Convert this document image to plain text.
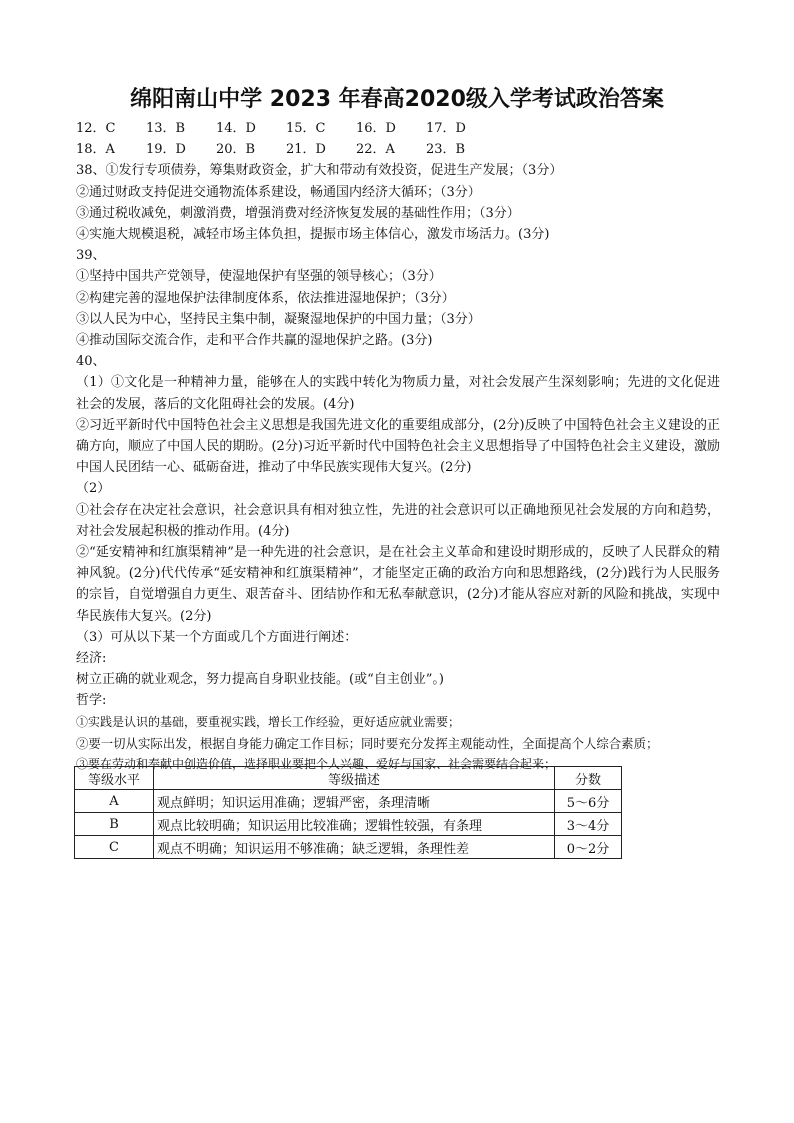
绵阳南山中学 2023 年春高2020级入学考试政治答案
12．C 13．B 14．D 15．C 16．D 17．D
18．A 19．D 20．B 21．D 22．A 23．B
38、①发行专项债券，筹集财政资金，扩大和带动有效投资，促进生产发展；（3分）
②通过财政支持促进交通物流体系建设，畅通国内经济大循环；（3分）
③通过税收减免，刺激消费，增强消费对经济恢复发展的基础性作用；（3分）
④实施大规模退税，减轻市场主体负担，提振市场主体信心，激发市场活力。(3分)
39、
①坚持中国共产党领导，使湿地保护有坚强的领导核心；（3分）
②构建完善的湿地保护法律制度体系，依法推进湿地保护；（3分）
③以人民为中心，坚持民主集中制，凝聚湿地保护的中国力量；（3分）
④推动国际交流合作，走和平合作共赢的湿地保护之路。(3分)
40、
（1）①文化是一种精神力量，能够在人的实践中转化为物质力量，对社会发展产生深刻影响；先进的文化促进社会的发展，落后的文化阻碍社会的发展。(4分)
②习近平新时代中国特色社会主义思想是我国先进文化的重要组成部分，(2分)反映了中国特色社会主义建设的正确方向，顺应了中国人民的期盼。(2分)习近平新时代中国特色社会主义思想指导了中国特色社会主义建设，激励中国人民团结一心、砥砺奋进，推动了中华民族实现伟大复兴。(2分)
（2）
①社会存在决定社会意识，社会意识具有相对独立性，先进的社会意识可以正确地预见社会发展的方向和趋势，对社会发展起积极的推动作用。(4分)
②“延安精神和红旗渠精神”是一种先进的社会意识，是在社会主义革命和建设时期形成的，反映了人民群众的精神风貌。(2分)代代传承“延安精神和红旗渠精神”，才能坚定正确的政治方向和思想路线，(2分)践行为人民服务的宗旨，自觉增强自力更生、艰苦奋斗、团结协作和无私奉献意识，(2分)才能从容应对新的风险和挑战，实现中华民族伟大复兴。(2分)
（3）可从以下某一个方面或几个方面进行阐述：
经济:
树立正确的就业观念，努力提高自身职业技能。(或“自主创业”。)
哲学:
①实践是认识的基础，要重视实践，增长工作经验，更好适应就业需要；
②要一切从实际出发，根据自身能力确定工作目标；同时要充分发挥主观能动性，全面提高个人综合素质；
③要在劳动和奉献中创造价值，选择职业要把个人兴趣、爱好与国家、社会需要结合起来；
等级水平	等级描述	分数
A	观点鲜明；知识运用准确；逻辑严密，条理清晰	5～6分
B	观点比较明确；知识运用比较准确；逻辑性较强，有条理	3～4分
C	观点不明确；知识运用不够准确；缺乏逻辑，条理性差	0～2分
